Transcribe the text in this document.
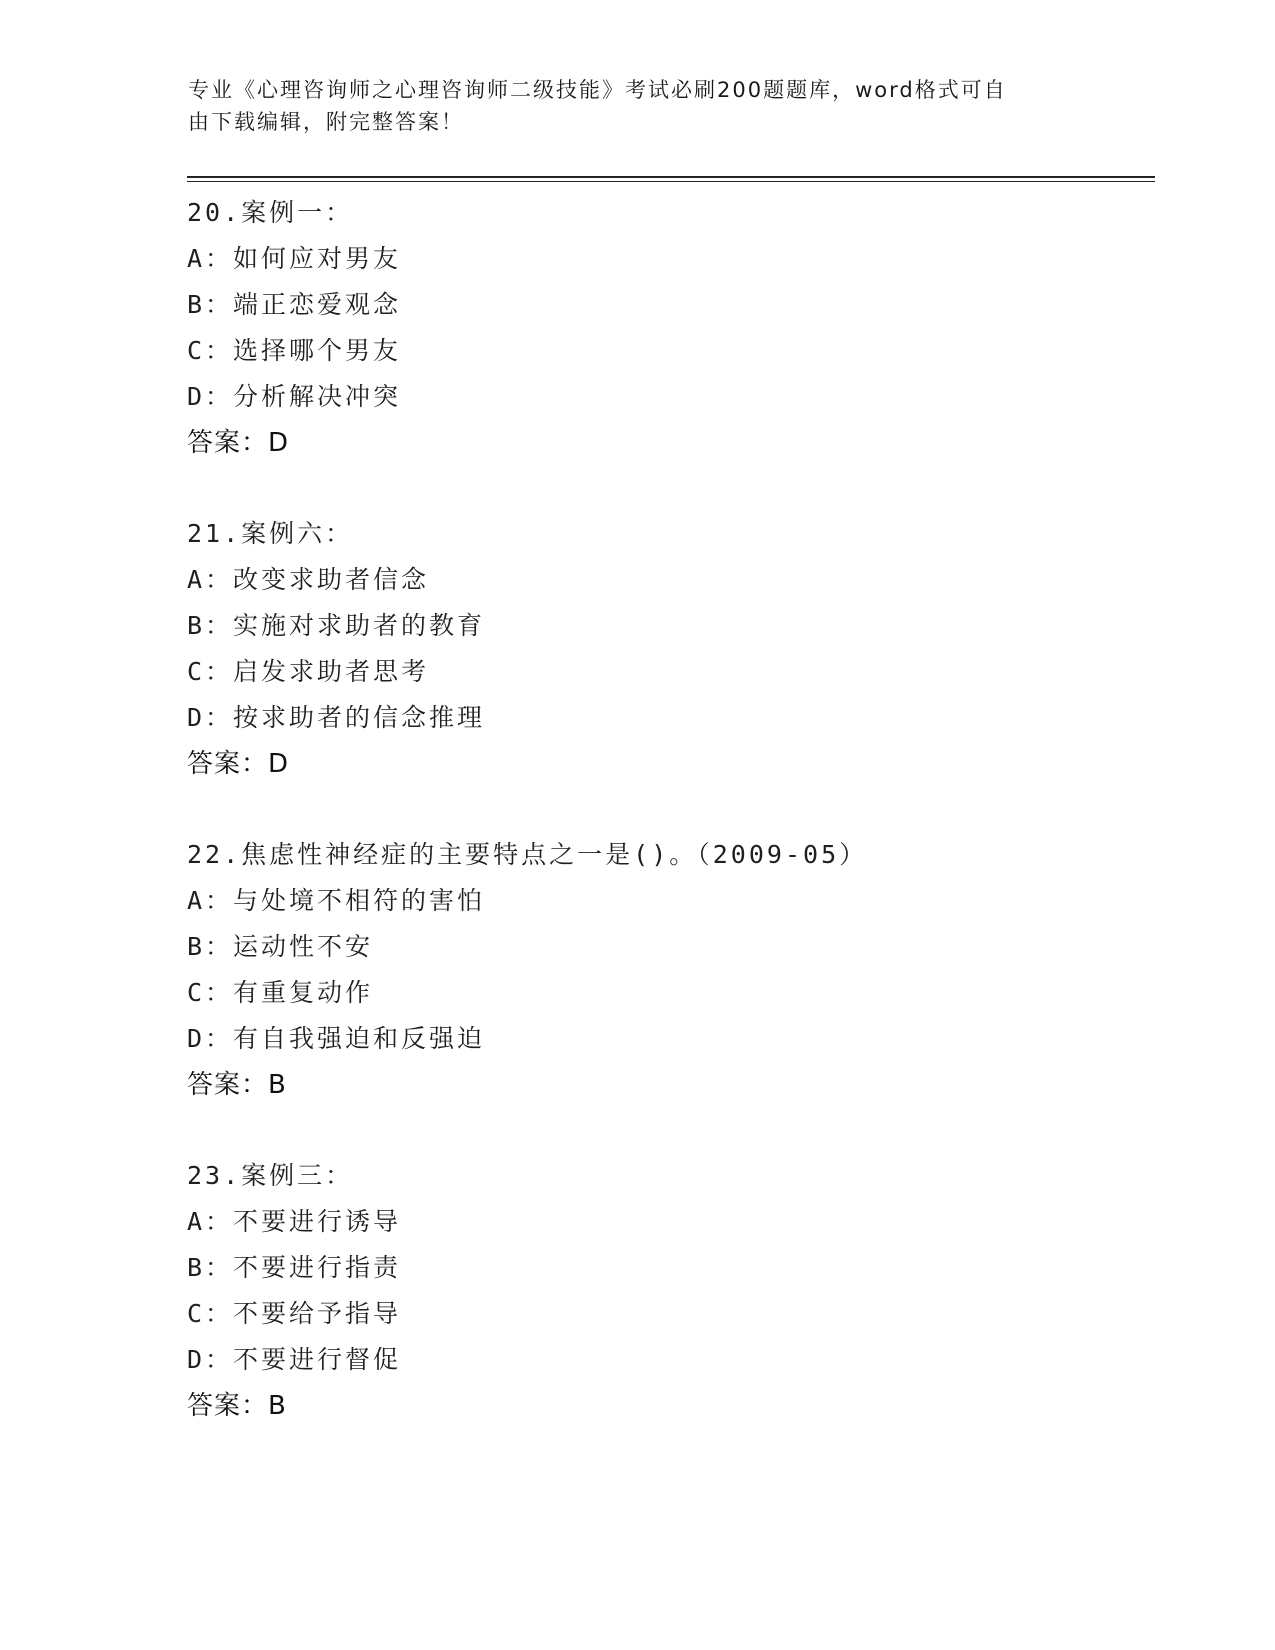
专业《心理咨询师之心理咨询师二级技能》考试必刷200题题库，word格式可自
由下载编辑，附完整答案！
20.案例一：
A：如何应对男友
B：端正恋爱观念
C：选择哪个男友
D：分析解决冲突
答案：D
21.案例六：
A：改变求助者信念
B：实施对求助者的教育
C：启发求助者思考
D：按求助者的信念推理
答案：D
22.焦虑性神经症的主要特点之一是()。（2009-05）
A：与处境不相符的害怕
B：运动性不安
C：有重复动作
D：有自我强迫和反强迫
答案：B
23.案例三：
A：不要进行诱导
B：不要进行指责
C：不要给予指导
D：不要进行督促
答案：B
